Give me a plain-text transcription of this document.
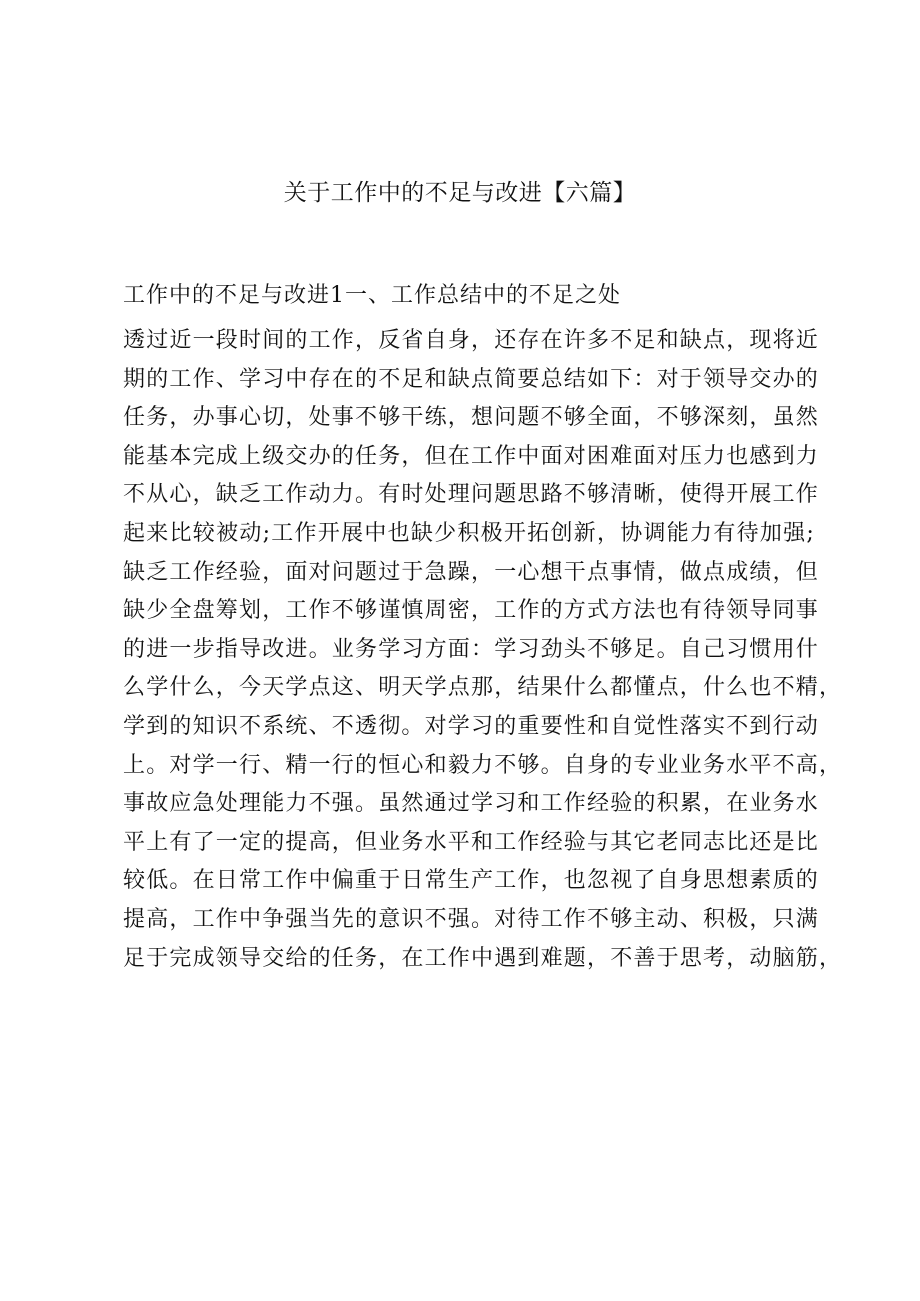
关于工作中的不足与改进【六篇】
工作中的不足与改进1一、工作总结中的不足之处
透过近一段时间的工作，反省自身，还存在许多不足和缺点，现将近
期的工作、学习中存在的不足和缺点简要总结如下：对于领导交办的
任务，办事心切，处事不够干练，想问题不够全面，不够深刻，虽然
能基本完成上级交办的任务，但在工作中面对困难面对压力也感到力
不从心，缺乏工作动力。有时处理问题思路不够清晰，使得开展工作
起来比较被动;工作开展中也缺少积极开拓创新，协调能力有待加强;
缺乏工作经验，面对问题过于急躁，一心想干点事情，做点成绩，但
缺少全盘筹划，工作不够谨慎周密，工作的方式方法也有待领导同事
的进一步指导改进。业务学习方面：学习劲头不够足。自己习惯用什
么学什么，今天学点这、明天学点那，结果什么都懂点，什么也不精，
学到的知识不系统、不透彻。对学习的重要性和自觉性落实不到行动
上。对学一行、精一行的恒心和毅力不够。自身的专业业务水平不高，
事故应急处理能力不强。虽然通过学习和工作经验的积累，在业务水
平上有了一定的提高，但业务水平和工作经验与其它老同志比还是比
较低。在日常工作中偏重于日常生产工作，也忽视了自身思想素质的
提高，工作中争强当先的意识不强。对待工作不够主动、积极，只满
足于完成领导交给的任务，在工作中遇到难题，不善于思考，动脑筋，
